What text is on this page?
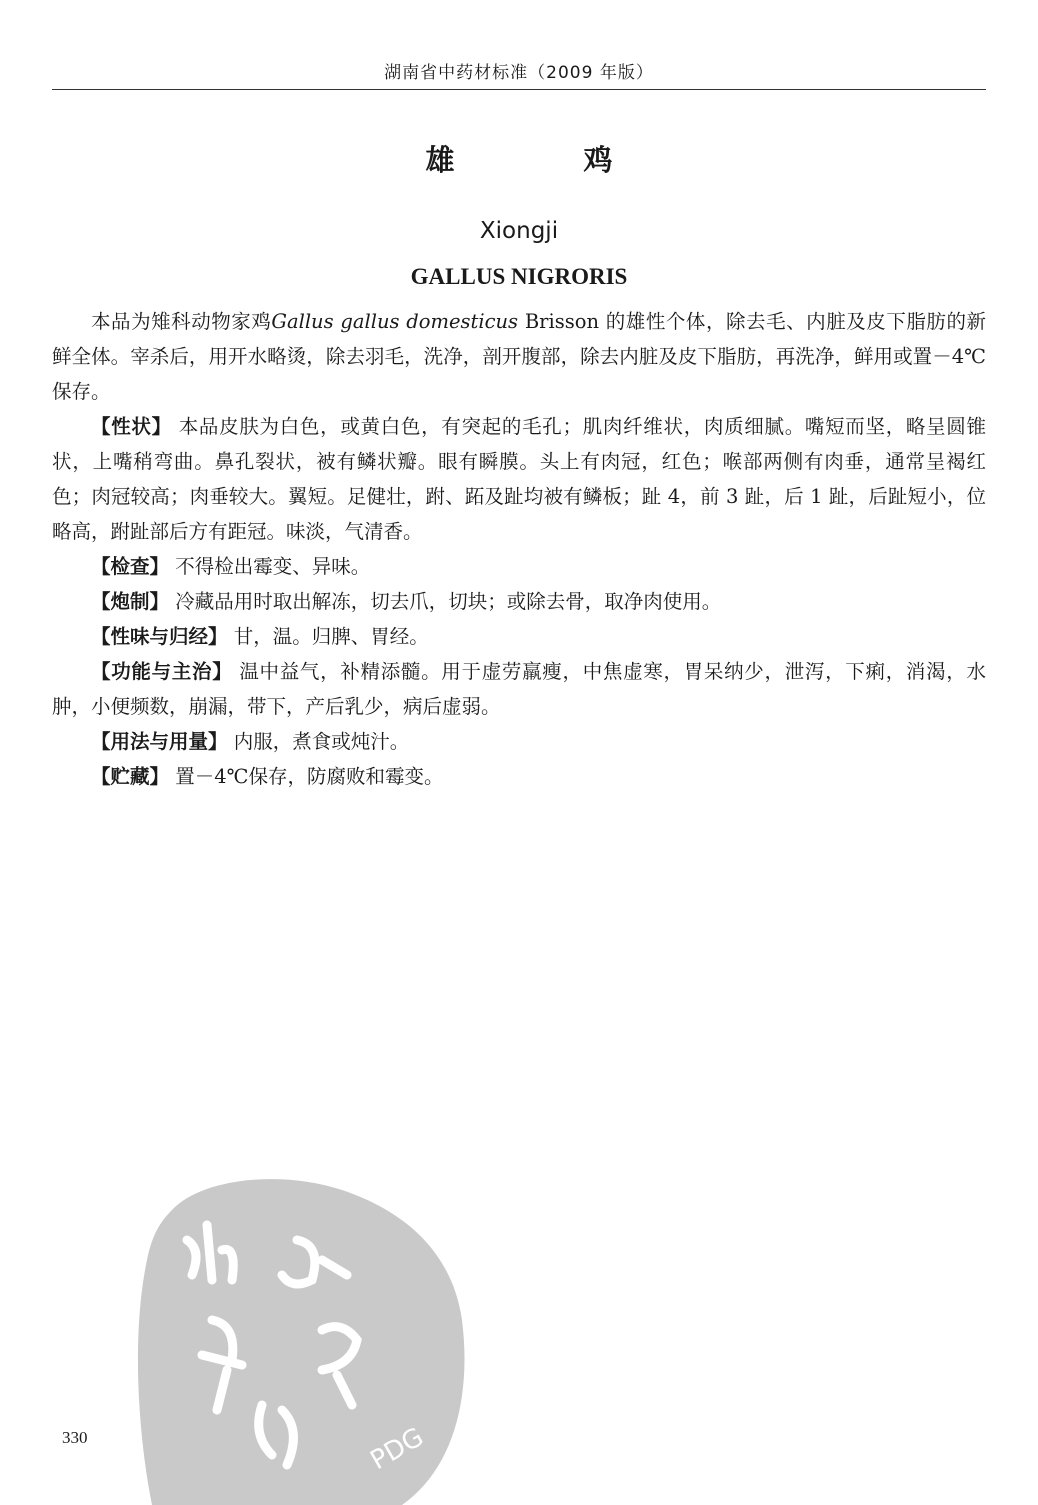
湖南省中药材标准（2009 年版）
雄　鸡
Xiongji
GALLUS NIGRORIS

本品为雉科动物家鸡Gallus gallus domesticus Brisson 的雄性个体，除去毛、内脏及皮下脂肪的新鲜全体。宰杀后，用开水略烫，除去羽毛，洗净，剖开腹部，除去内脏及皮下脂肪，再洗净，鲜用或置－4℃保存。

【性状】 本品皮肤为白色，或黄白色，有突起的毛孔；肌肉纤维状，肉质细腻。嘴短而坚，略呈圆锥状，上嘴稍弯曲。鼻孔裂状，被有鳞状瓣。眼有瞬膜。头上有肉冠，红色；喉部两侧有肉垂，通常呈褐红色；肉冠较高；肉垂较大。翼短。足健壮，跗、跖及趾均被有鳞板；趾 4，前 3 趾，后 1 趾，后趾短小，位略高，跗趾部后方有距冠。味淡，气清香。

【检查】 不得检出霉变、异味。

【炮制】 冷藏品用时取出解冻，切去爪，切块；或除去骨，取净肉使用。

【性味与归经】 甘，温。归脾、胃经。

【功能与主治】 温中益气，补精添髓。用于虚劳羸瘦，中焦虚寒，胃呆纳少，泄泻，下痢，消渴，水肿，小便频数，崩漏，带下，产后乳少，病后虚弱。

【用法与用量】 内服，煮食或炖汁。

【贮藏】 置－4℃保存，防腐败和霉变。

330	PDG
